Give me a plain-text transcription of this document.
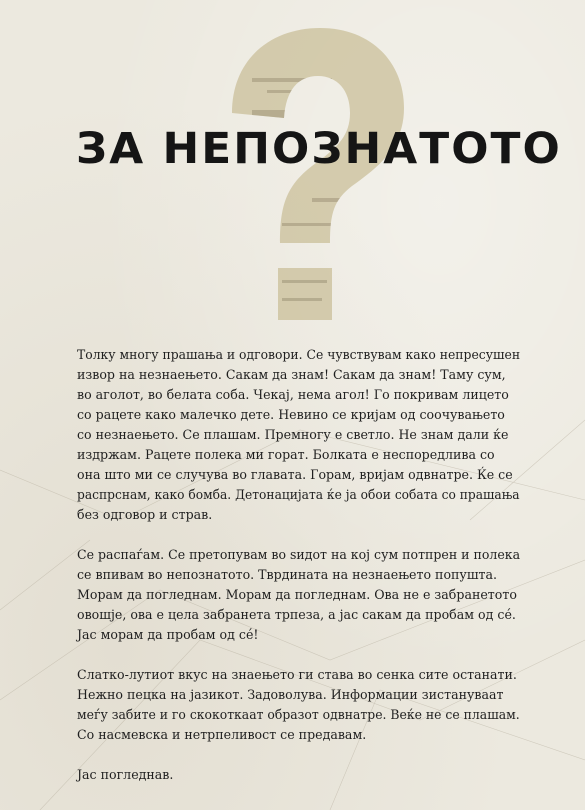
ЗА НЕПОЗНАТОТО

Толку многу прашања и одговори. Се чувствувам како непресушен
извор на незнаењето. Сакам да знам! Сакам да знам! Таму сум,
во аголот, во белата соба. Чекај, нема агол! Го покривам лицето
со рацете како малечко дете. Невино се кријам од соочувањето
со незнаењето. Се плашам. Премногу е светло. Не знам дали ќе
издржам. Рацете полека ми горат. Болката е неспоредлива со
она што ми се случува во главата. Горам, вријам одвнатре. Ќе се
распрснам, како бомба. Детонацијата ќе ја обои собата со прашања
без одговор и страв.

Се распаѓам. Се претопувам во ѕидот на кој сум потпрен и полека
се впивам во непознатото. Тврдината на незнаењето попушта.
Морам да погледнам. Морам да погледнам. Ова не е забранетото
овошје, ова е цела забранета трпеза, а јас сакам да пробам од сé.
Јас морам да пробам од сé!

Слатко-лутиот вкус на знаењето ги става во сенка сите останати.
Нежно пецка на јазикот. Задоволува. Информации зистануваат
меѓу забите и го скокоткаат образот одвнатре. Веќе не се плашам.
Со насмевска и нетрпеливост се предавам.

Јас погледнав.
